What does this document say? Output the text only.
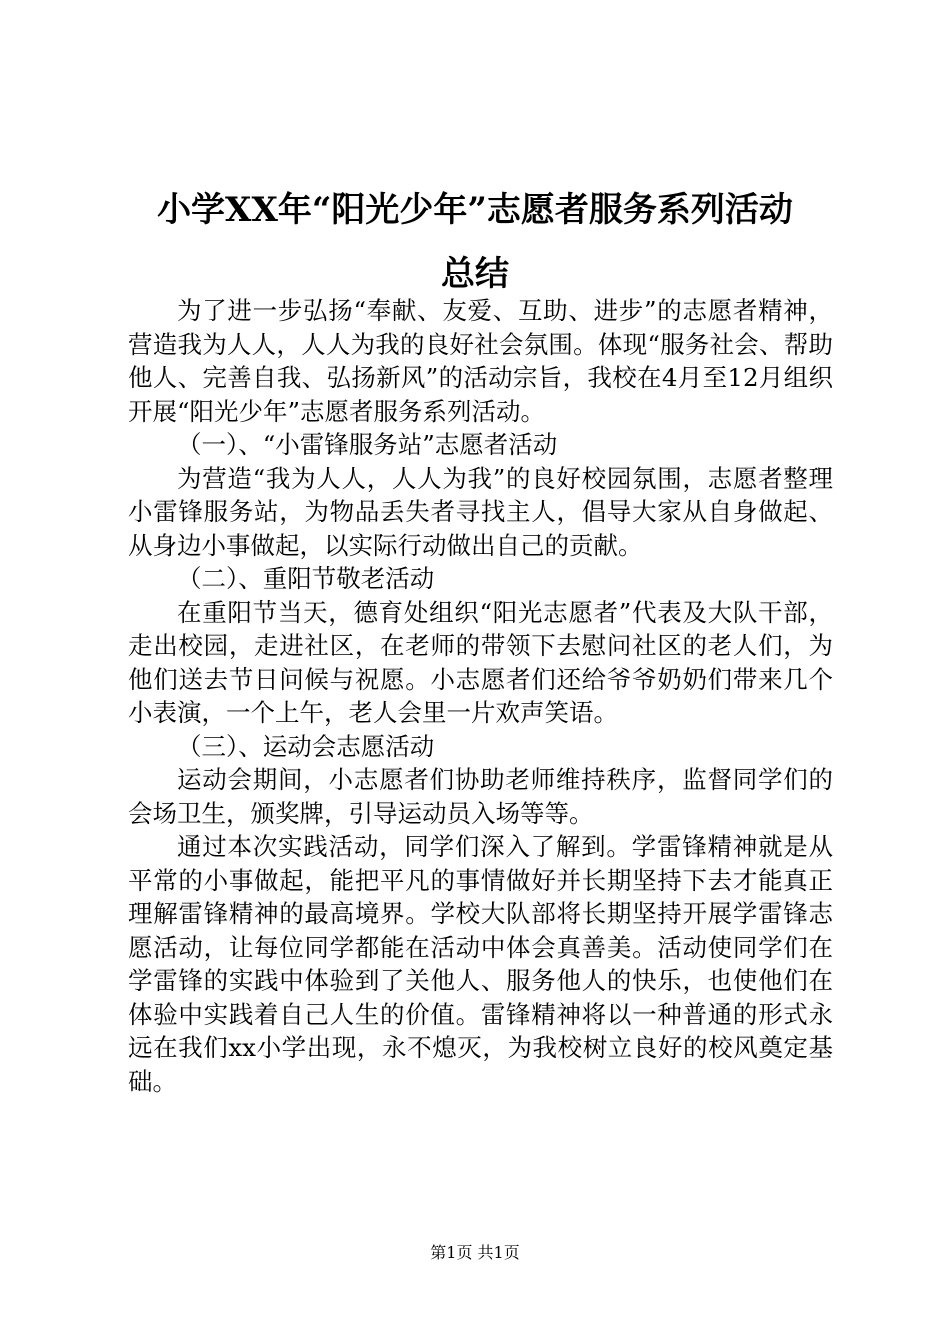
小学XX年“阳光少年”志愿者服务系列活动
总结

为了进一步弘扬“奉献、友爱、互助、进步”的志愿者精神，营造我为人人，人人为我的良好社会氛围。体现“服务社会、帮助他人、完善自我、弘扬新风”的活动宗旨，我校在4月至12月组织开展“阳光少年”志愿者服务系列活动。

（一）、“小雷锋服务站”志愿者活动

为营造“我为人人，人人为我”的良好校园氛围，志愿者整理小雷锋服务站，为物品丢失者寻找主人，倡导大家从自身做起、从身边小事做起，以实际行动做出自己的贡献。

（二）、重阳节敬老活动

在重阳节当天，德育处组织“阳光志愿者”代表及大队干部，走出校园，走进社区，在老师的带领下去慰问社区的老人们，为他们送去节日问候与祝愿。小志愿者们还给爷爷奶奶们带来几个小表演，一个上午，老人会里一片欢声笑语。

（三）、运动会志愿活动

运动会期间，小志愿者们协助老师维持秩序，监督同学们的会场卫生，颁奖牌，引导运动员入场等等。

通过本次实践活动，同学们深入了解到。学雷锋精神就是从平常的小事做起，能把平凡的事情做好并长期坚持下去才能真正理解雷锋精神的最高境界。学校大队部将长期坚持开展学雷锋志愿活动，让每位同学都能在活动中体会真善美。活动使同学们在学雷锋的实践中体验到了关他人、服务他人的快乐，也使他们在体验中实践着自己人生的价值。雷锋精神将以一种普通的形式永远在我们xx小学出现，永不熄灭，为我校树立良好的校风奠定基础。

第1页 共1页
